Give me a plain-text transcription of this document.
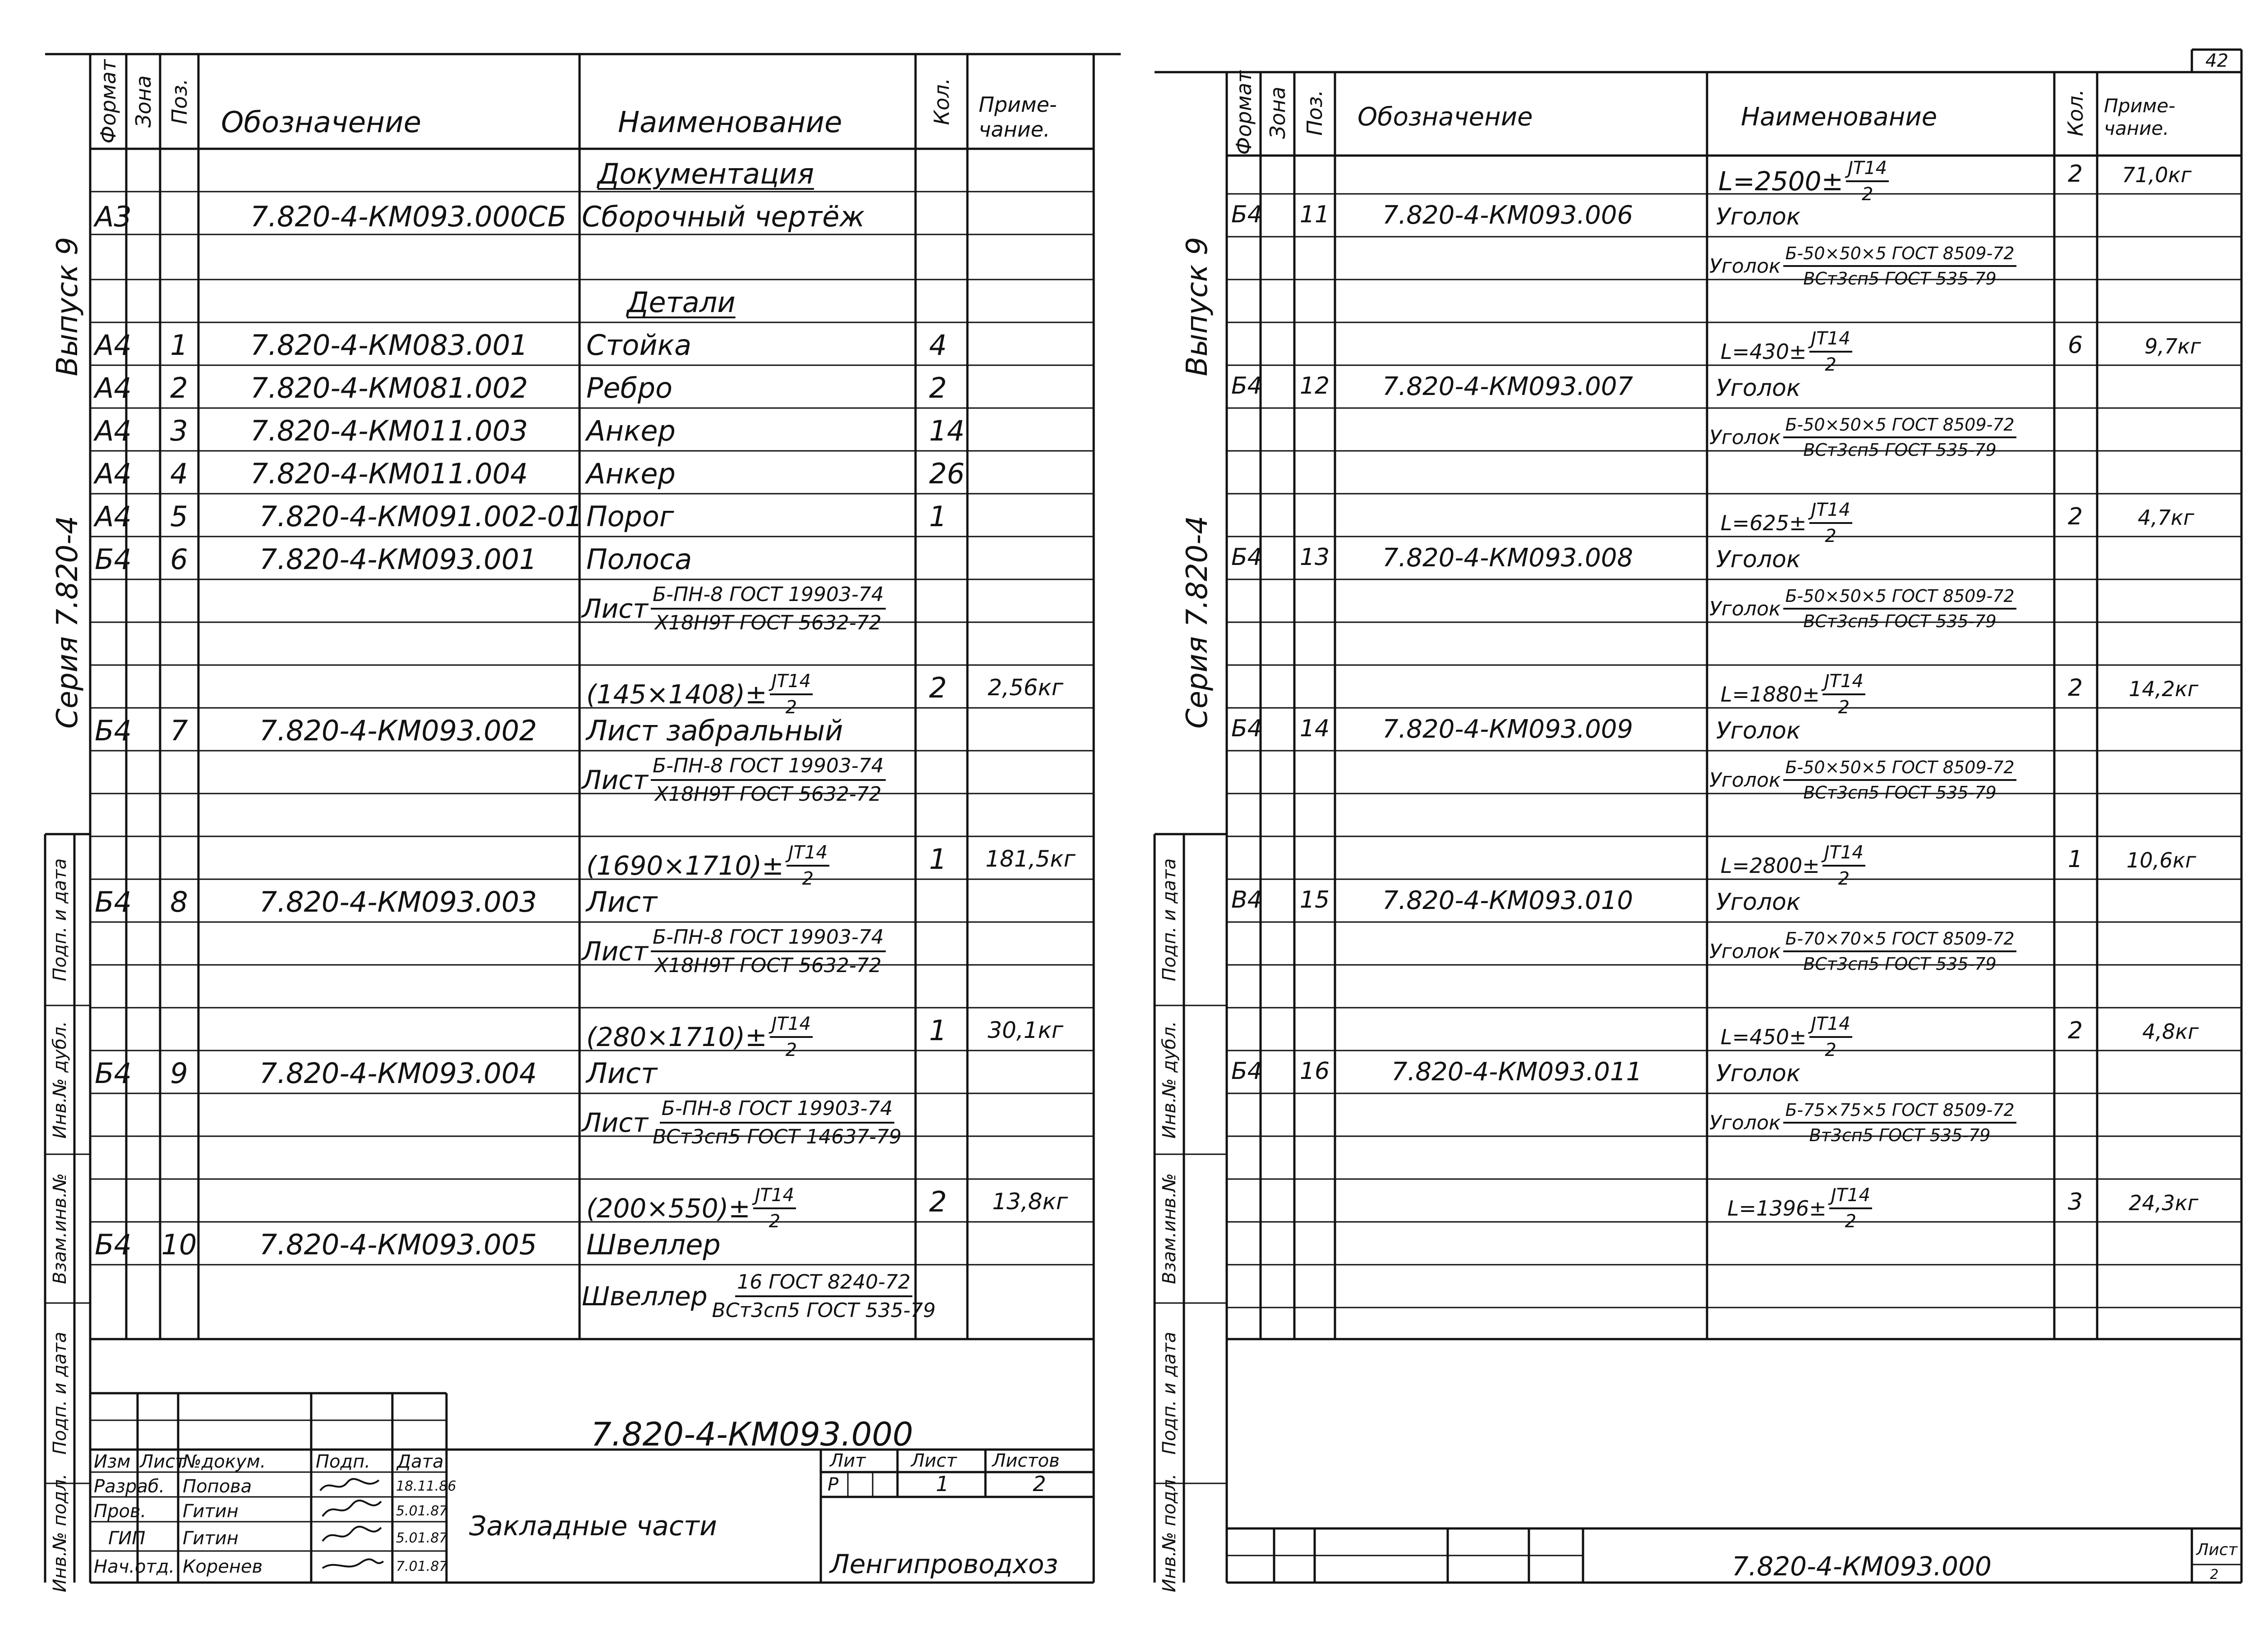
Формат Зона Поз. Обозначение	Наименование	Кол. Приме-
чание.
Выпуск 9
Серия 7.820-4
Подп. и дата
Инв.№ дубл.
Взам.инв.№
Подп. и дата
Инв.№ подл.
Документация
А3	7.820-4-КМ093.000СБ Сборочный чертёж
Детали
А4 1 7.820-4-КМ083.001 Стойка	4
А4 2 7.820-4-КМ081.002 Ребро	2
А4 3 7.820-4-КМ011.003 Анкер	14
А4 4 7.820-4-КМ011.004 Анкер	26
А4 5	7.820-4-КМ091.002-01 Порог	1
Б4 6	7.820-4-КМ093.001 Полоса
Лист $\frac{\text{Б-ПН-8 ГОСТ 19903-74}}{\text{Х18Н9Т ГОСТ 5632-72}}$
$(145\times 1408)\pm \frac{JT14}{2}$	2 2,56кг
Б4 7	7.820-4-КМ093.002 Лист забральный
Лист $\frac{\text{Б-ПН-8 ГОСТ 19903-74}}{\text{Х18Н9Т ГОСТ 5632-72}}$
$(1690\times 1710)\pm \frac{JT14}{2}$	1 181,5кг
Б4 8	7.820-4-КМ093.003 Лист
Лист $\frac{\text{Б-ПН-8 ГОСТ 19903-74}}{\text{Х18Н9Т ГОСТ 5632-72}}$
$(280\times 1710)\pm \frac{JT14}{2}$	1 30,1кг
Б4 9	7.820-4-КМ093.004 Лист
Лист $\frac{\text{Б-ПН-8 ГОСТ 19903-74}}{\text{ВСт3сп5 ГОСТ 14637-79}}$
$(200\times 550)\pm \frac{JT14}{2}$	2 13,8кг
Б4 10 7.820-4-КМ093.005 Швеллер
Швеллер $\frac{\text{16 ГОСТ 8240-72}}{\text{ВСт3сп5 ГОСТ 535-79}}$
7.820-4-КМ093.000
Закладные части
Ленгипроводхоз
Лит	Лист Листов
Р	1	2
Изм Лист
№докум.	Подп. Дата
Разраб. Попова	18.11.86
Пров. Гитин	5.01.87
ГИП Гитин	5.01.87
Нач.отд. Коренев	7.01.87
42
Формат Зона Поз. Обозначение	Наименование	Кол. Приме-
чание.
Выпуск 9
Серия 7.820-4
Подп. и дата
Инв.№ дубл.
Взам.инв.№
Подп. и дата
Инв.№ подл.
$L=2500\pm \frac{JT14}{2}$	2 71,0кг
Б4 11 7.820-4-КМ093.006	Уголок
Уголок $\frac{\text{Б-50×50×5 ГОСТ 8509-72}}{\text{ВСт3сп5 ГОСТ 535-79}}$
$L=430\pm \frac{JT14}{2}$	6	9,7кг
Б4 12 7.820-4-КМ093.007	Уголок
Уголок $\frac{\text{Б-50×50×5 ГОСТ 8509-72}}{\text{ВСт3сп5 ГОСТ 535-79}}$
$L=625\pm \frac{JT14}{2}$	2	4,7кг
Б4 13 7.820-4-КМ093.008	Уголок
Уголок $\frac{\text{Б-50×50×5 ГОСТ 8509-72}}{\text{ВСт3сп5 ГОСТ 535-79}}$
$L=1880\pm \frac{JT14}{2}$	2 14,2кг
Б4 14 7.820-4-КМ093.009	Уголок
Уголок $\frac{\text{Б-50×50×5 ГОСТ 8509-72}}{\text{ВСт3сп5 ГОСТ 535-79}}$
$L=2800\pm \frac{JT14}{2}$	1 10,6кг
В4 15 7.820-4-КМ093.010	Уголок
Уголок $\frac{\text{Б-70×70×5 ГОСТ 8509-72}}{\text{ВСт3сп5 ГОСТ 535-79}}$
$L=450\pm \frac{JT14}{2}$	2	4,8кг
Б4 16 7.820-4-КМ093.011	Уголок
Уголок $\frac{\text{Б-75×75×5 ГОСТ 8509-72}}{\text{Вт3сп5 ГОСТ 535-79}}$
$L=1396\pm \frac{JT14}{2}$	3 24,3кг
7.820-4-КМ093.000
Лист
2
